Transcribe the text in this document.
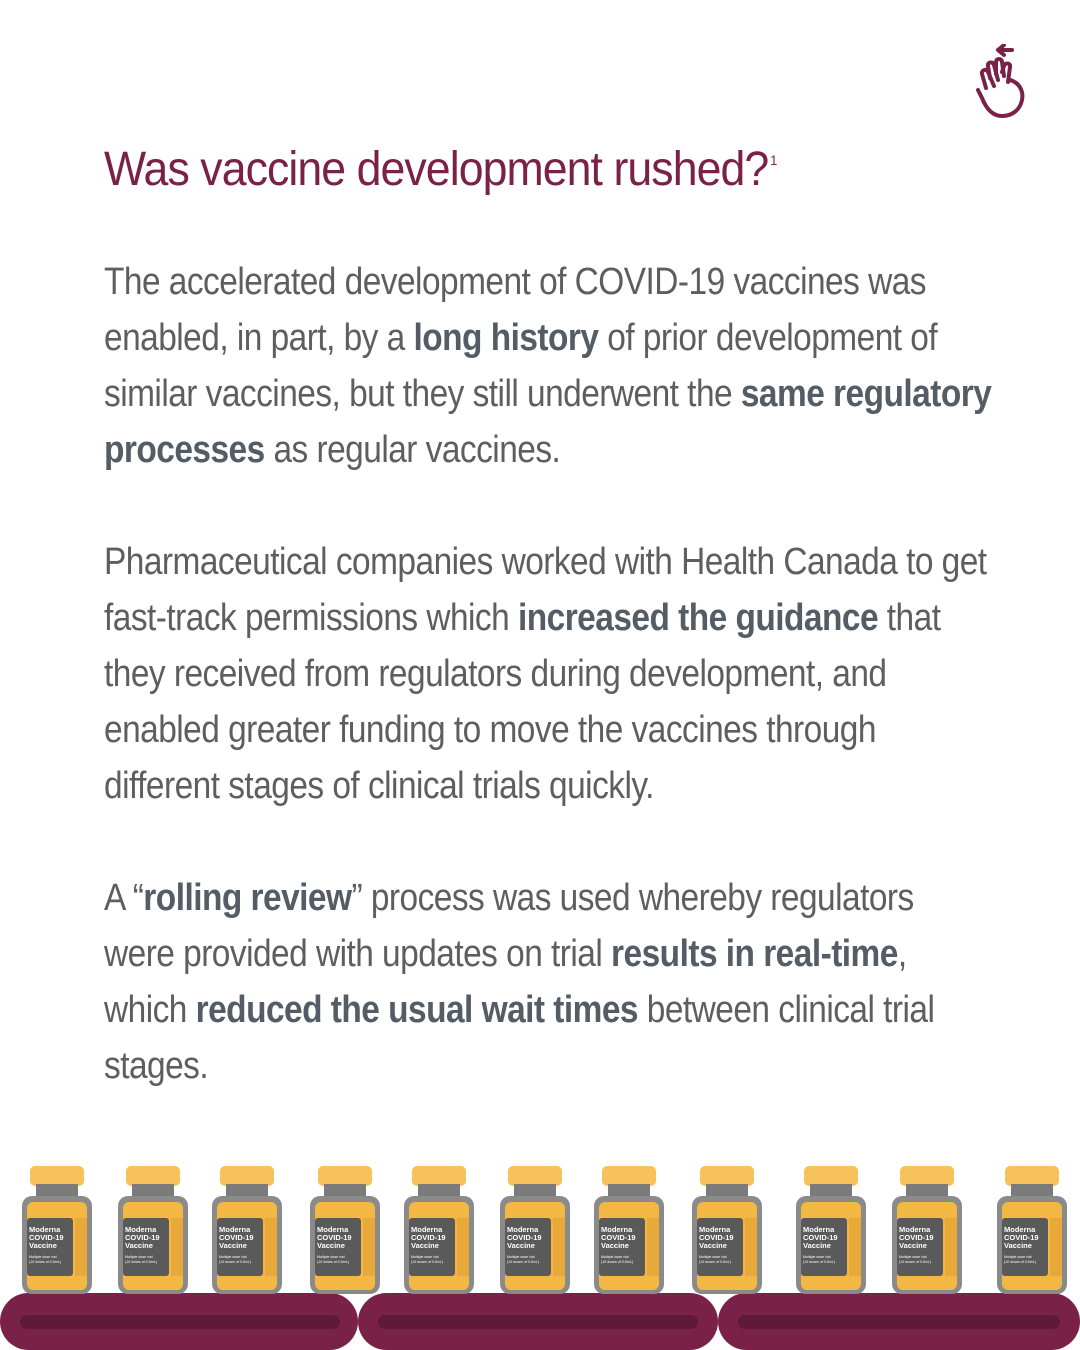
Was vaccine development rushed? $^1$

The accelerated development of COVID-19 vaccines was enabled, in part, by a long history of prior development of similar vaccines, but they still underwent the same regulatory processes as regular vaccines.

Pharmaceutical companies worked with Health Canada to get fast-track permissions which increased the guidance that they received from regulators during development, and enabled greater funding to move the vaccines through different stages of clinical trials quickly.

A “rolling review” process was used whereby regulators were provided with updates on trial results in real-time, which reduced the usual wait times between clinical trial stages.

Moderna
COVID-19
Vaccine
Multiple dose vial
(10 doses of 0.5mL)
Moderna
COVID-19
Vaccine
Multiple dose vial
(10 doses of 0.5mL)
Moderna
COVID-19
Vaccine
Multiple dose vial
(10 doses of 0.5mL)
Moderna
COVID-19
Vaccine
Multiple dose vial
(10 doses of 0.5mL)
Moderna
COVID-19
Vaccine
Multiple dose vial
(10 doses of 0.5mL)
Moderna
COVID-19
Vaccine
Multiple dose vial
(10 doses of 0.5mL)
Moderna
COVID-19
Vaccine
Multiple dose vial
(10 doses of 0.5mL)
Moderna
COVID-19
Vaccine
Multiple dose vial
(10 doses of 0.5mL)
Moderna
COVID-19
Vaccine
Multiple dose vial
(10 doses of 0.5mL)
Moderna
COVID-19
Vaccine
Multiple dose vial
(10 doses of 0.5mL)
Moderna
COVID-19
Vaccine
Multiple dose vial
(10 doses of 0.5mL)
